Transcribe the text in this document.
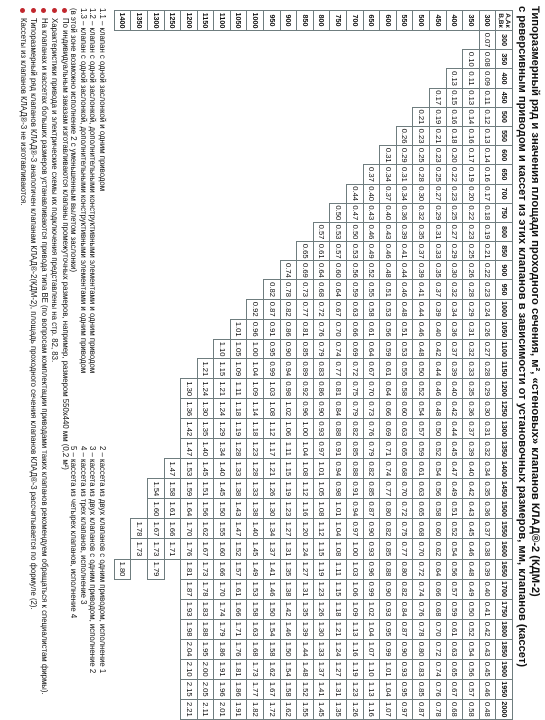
Типоразмерный ряд и значения площади проходного сечения, м², «стеновых» клапанов КЛАД®-2 (КДМ-2)
с реверсивным приводом и кассет из этих клапанов в зависимости от установочных размеров, мм, клапанов (кассет)
А,Ак
В,Вк	300	350	400	450	500	550	600	650	700	750	800	850	900	950	1000	1050	1100	1150	1200	1250	1300	1350	1400	1450	1500	1550	1600	1650	1700	1750	1800	1850	1900	1950	2000
300	0.07	0.08	0.09	0.11	0.12	0.13	0.14	0.16	0.17	0.18	0.19	0.21	0.22	0.23	0.24	0.26	0.27	0.28	0.29	0.30	0.31	0.32	0.34	0.35	0.36	0.37	0.38	0.39	0.40	0.41	0.42	0.43	0.45	0.46	0.48
350		0.10	0.11	0.13	0.14	0.16	0.17	0.19	0.20	0.22	0.23	0.25	0.26	0.28	0.29	0.31	0.32	0.33	0.35	0.36	0.37	0.39	0.40	0.42	0.43	0.45	0.46	0.48	0.49	0.50	0.52	0.54	0.56	0.57	0.58
400			0.13	0.15	0.16	0.18	0.20	0.22	0.23	0.25	0.27	0.29	0.30	0.32	0.34	0.36	0.37	0.39	0.40	0.42	0.44	0.45	0.47	0.49	0.51	0.52	0.54	0.56	0.57	0.59	0.61	0.63	0.65	0.67	0.68
450				0.17	0.19	0.21	0.23	0.25	0.27	0.29	0.31	0.33	0.35	0.37	0.39	0.40	0.42	0.44	0.46	0.48	0.50	0.52	0.54	0.56	0.58	0.60	0.62	0.64	0.66	0.68	0.70	0.72	0.74	0.76	0.78
500					0.21	0.23	0.25	0.28	0.30	0.32	0.35	0.37	0.39	0.41	0.44	0.46	0.48	0.50	0.52	0.54	0.57	0.59	0.61	0.63	0.65	0.68	0.70	0.72	0.74	0.76	0.78	0.80	0.83	0.85	0.87
550						0.26	0.29	0.31	0.34	0.36	0.39	0.41	0.44	0.46	0.48	0.51	0.53	0.55	0.58	0.60	0.63	0.65	0.68	0.70	0.72	0.75	0.77	0.80	0.82	0.84	0.87	0.90	0.93	0.95	0.97
600							0.31	0.34	0.37	0.40	0.43	0.46	0.48	0.51	0.53	0.56	0.59	0.61	0.64	0.66	0.69	0.71	0.74	0.77	0.80	0.82	0.85	0.88	0.90	0.93	0.95	0.99	1.01	1.04	1.07
650								0.37	0.40	0.43	0.46	0.49	0.52	0.55	0.58	0.61	0.64	0.67	0.70	0.73	0.76	0.79	0.82	0.85	0.87	0.90	0.93	0.96	0.99	1.02	1.04	1.07	1.10	1.13	1.16
700									0.44	0.47	0.50	0.53	0.56	0.59	0.63	0.66	0.69	0.72	0.75	0.79	0.82	0.85	0.88	0.91	0.94	0.97	1.00	1.03	1.06	1.09	1.13	1.16	1.19	1.23	1.26
750										0.50	0.53	0.57	0.60	0.64	0.67	0.70	0.74	0.77	0.81	0.84	0.88	0.91	0.94	0.98	1.01	1.04	1.08	1.11	1.15	1.18	1.21	1.24	1.27	1.31	1.35
800											0.57	0.61	0.64	0.68	0.72	0.76	0.79	0.83	0.86	0.90	0.93	0.97	1.01	1.05	1.08	1.12	1.15	1.19	1.23	1.26	1.30	1.33	1.37	1.41	1.45
850												0.65	0.69	0.73	0.77	0.81	0.85	0.89	0.92	0.96	1.00	1.04	1.08	1.12	1.16	1.20	1.24	1.27	1.31	1.35	1.39	1.44	1.48	1.52	1.55
900													0.74	0.78	0.82	0.86	0.90	0.94	0.98	1.02	1.06	1.11	1.15	1.19	1.23	1.27	1.31	1.35	1.38	1.42	1.46	1.50	1.54	1.58	1.62
950														0.82	0.87	0.91	0.95	0.99	1.03	1.08	1.12	1.17	1.21	1.26	1.30	1.34	1.37	1.41	1.46	1.50	1.54	1.58	1.62	1.67	1.72
1000															0.92	0.96	1.00	1.04	1.09	1.14	1.18	1.23	1.28	1.33	1.38	1.40	1.45	1.49	1.53	1.58	1.63	1.68	1.73	1.77	1.82
1050																1.01	1.05	1.09	1.11	1.18	1.19	1.28	1.33	1.38	1.43	1.47	1.52	1.57	1.61	1.66	1.71	1.76	1.81	1.86	1.91
1100																	1.10	1.15	1.21	1.24	1.29	1.34	1.40	1.45	1.50	1.55	1.60	1.66	1.70	1.74	1.79	1.86	1.91	1.96	2.01
1150																		1.21	1.24	1.30	1.35	1.40	1.45	1.51	1.56	1.62	1.67	1.73	1.78	1.83	1.88	1.95	2.00	2.05	2.11
1200																			1.30	1.36	1.42	1.47	1.53	1.59	1.64	1.70	1.76	1.81	1.87	1.93	1.98	2.04	2.10	2.15	2.21
1250																							1.47	1.58	1.61	1.66	1.71								
1300																								1.54	1.60	1.67	1.73	1.79							
1350																										1.78	1.73								
1400																												1.80							
1.1 – клапан с одной заслонкой и одним приводом
1.2 – клапан с одной заслонкой, дополнительными конструктивными элементами и одним приводом
1.3 – клапан с одной заслонкой, дополнительными конструктивными элементами и одним приводом
(в этой зоне возможно исполнение 2 с уменьшенным вылетом заслонки)
2 – кассета из двух клапанов с одним приводом, исполнение 1
3 – кассета из двух клапанов с одним приводом, исполнение 2
4 – кассета из трех клапанов, исполнение 3
5 – кассета из четырех клапанов, исполнение 4
По индивидуальным заказам изготавливаются клапаны промежуточных размеров, например, размером 550х440 мм (0,2 м²)
Характеристики привода и электрические схемы их подключения представлены на стр. 82, 83.
На клапанах и кассетах больших размеров устанавливаются привода типа BE (по вопросам комплектации приводами таких клапанов рекомендуем обращаться к специалистам фирмы).
Типоразмерный ряд клапанов КЛАД®-3 аналогичен клапанам КЛАД®-2(КДМ-2), площадь проходного сечения клапанов КЛАД®-3 рассчитывается по формуле (2).
Кассеты из клапанов КЛАД®-3 не изготавливаются.
